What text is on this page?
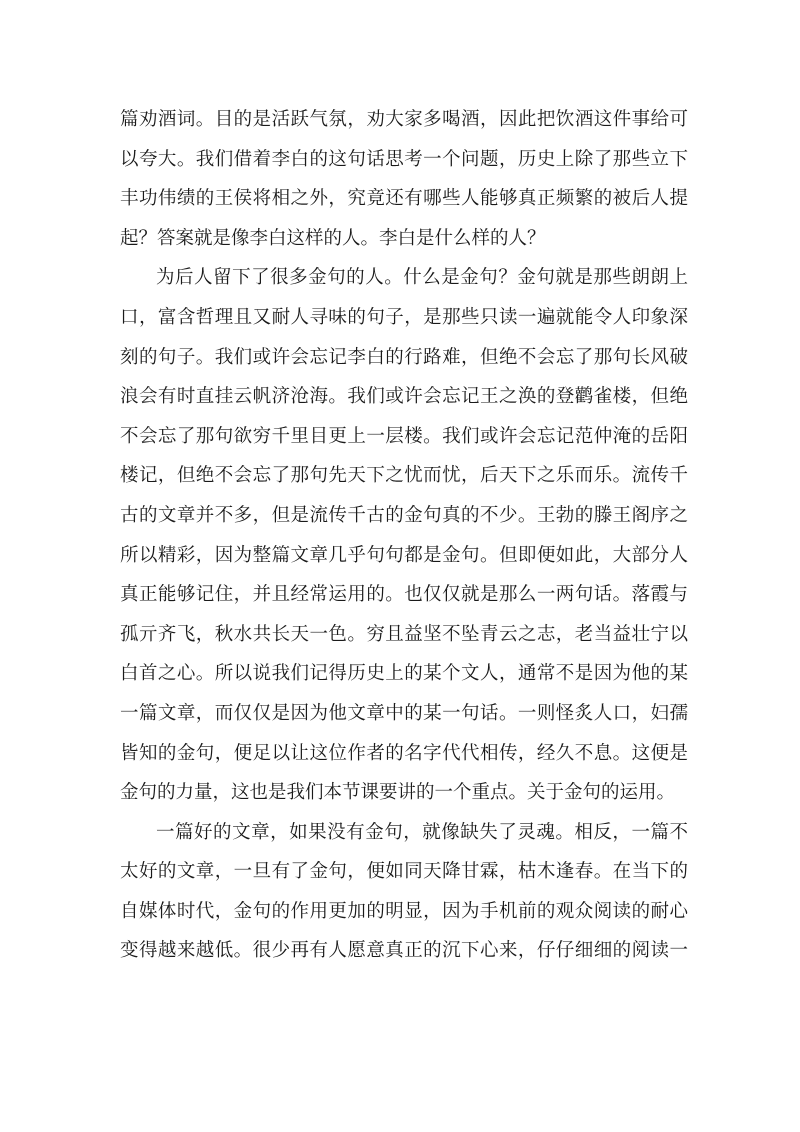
篇劝酒词。目的是活跃气氛，劝大家多喝酒，因此把饮酒这件事给可
以夸大。我们借着李白的这句话思考一个问题，历史上除了那些立下
丰功伟绩的王侯将相之外，究竟还有哪些人能够真正频繁的被后人提
起？答案就是像李白这样的人。李白是什么样的人？
为后人留下了很多金句的人。什么是金句？金句就是那些朗朗上
口，富含哲理且又耐人寻味的句子，是那些只读一遍就能令人印象深
刻的句子。我们或许会忘记李白的行路难，但绝不会忘了那句长风破
浪会有时直挂云帆济沧海。我们或许会忘记王之涣的登鹳雀楼，但绝
不会忘了那句欲穷千里目更上一层楼。我们或许会忘记范仲淹的岳阳
楼记，但绝不会忘了那句先天下之忧而忧，后天下之乐而乐。流传千
古的文章并不多，但是流传千古的金句真的不少。王勃的滕王阁序之
所以精彩，因为整篇文章几乎句句都是金句。但即便如此，大部分人
真正能够记住，并且经常运用的。也仅仅就是那么一两句话。落霞与
孤亓齐飞，秋水共长天一色。穷且益坚不坠青云之志，老当益壮宁以
白首之心。所以说我们记得历史上的某个文人，通常不是因为他的某
一篇文章，而仅仅是因为他文章中的某一句话。一则怪炙人口，妇孺
皆知的金句，便足以让这位作者的名字代代相传，经久不息。这便是
金句的力量，这也是我们本节课要讲的一个重点。关于金句的运用。
一篇好的文章，如果没有金句，就像缺失了灵魂。相反，一篇不
太好的文章，一旦有了金句，便如同天降甘霖，枯木逢春。在当下的
自媒体时代，金句的作用更加的明显，因为手机前的观众阅读的耐心
变得越来越低。很少再有人愿意真正的沉下心来，仔仔细细的阅读一
